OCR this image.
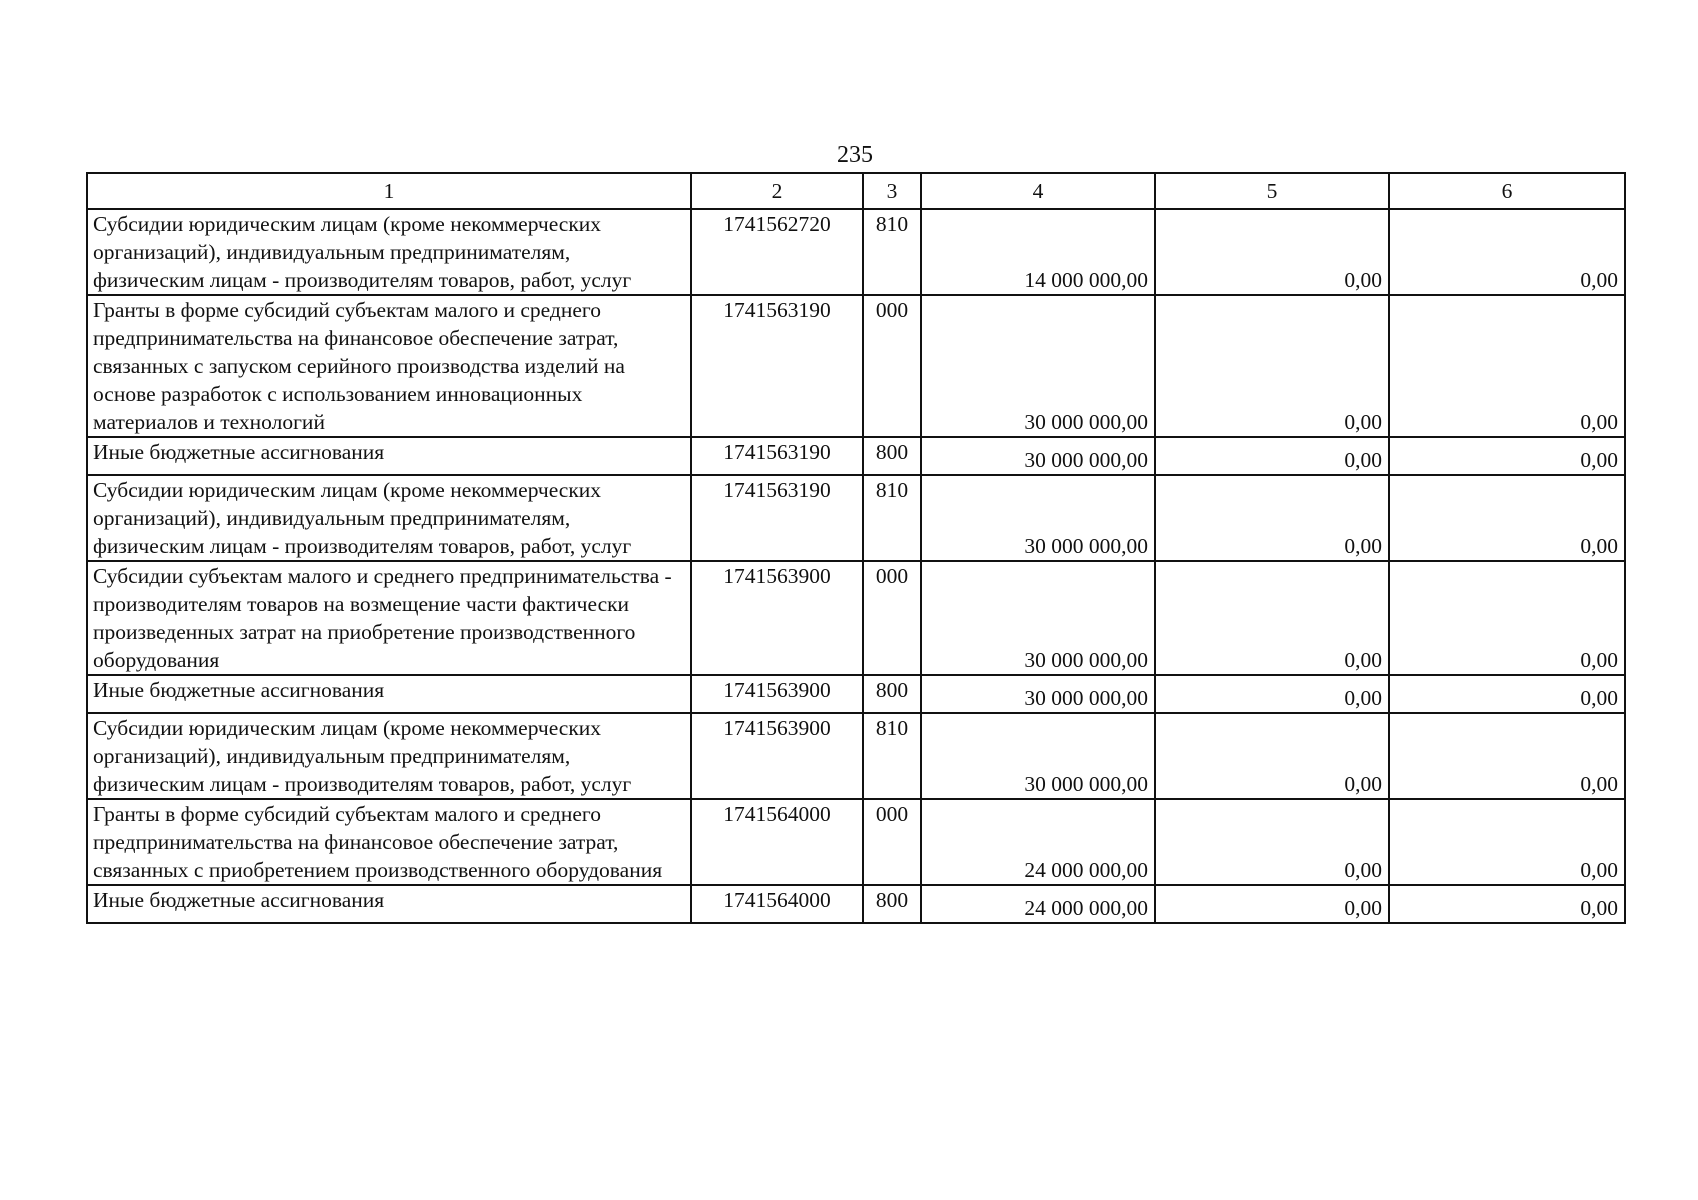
235
1	2	3	4	5	6
Субсидии юридическим лицам (кроме некоммерческих организаций), индивидуальным предпринимателям, физическим лицам - производителям товаров, работ, услуг	1741562720	810	14 000 000,00	0,00	0,00
Гранты в форме субсидий субъектам малого и среднего предпринимательства на финансовое обеспечение затрат, связанных с запуском серийного производства изделий на основе разработок с использованием инновационных материалов и технологий	1741563190	000	30 000 000,00	0,00	0,00
Иные бюджетные ассигнования	1741563190	800	30 000 000,00	0,00	0,00
Субсидии юридическим лицам (кроме некоммерческих организаций), индивидуальным предпринимателям, физическим лицам - производителям товаров, работ, услуг	1741563190	810	30 000 000,00	0,00	0,00
Субсидии субъектам малого и среднего предпринимательства - производителям товаров на возмещение части фактически произведенных затрат на приобретение производственного оборудования	1741563900	000	30 000 000,00	0,00	0,00
Иные бюджетные ассигнования	1741563900	800	30 000 000,00	0,00	0,00
Субсидии юридическим лицам (кроме некоммерческих организаций), индивидуальным предпринимателям, физическим лицам - производителям товаров, работ, услуг	1741563900	810	30 000 000,00	0,00	0,00
Гранты в форме субсидий субъектам малого и среднего предпринимательства на финансовое обеспечение затрат, связанных с приобретением производственного оборудования	1741564000	000	24 000 000,00	0,00	0,00
Иные бюджетные ассигнования	1741564000	800	24 000 000,00	0,00	0,00
